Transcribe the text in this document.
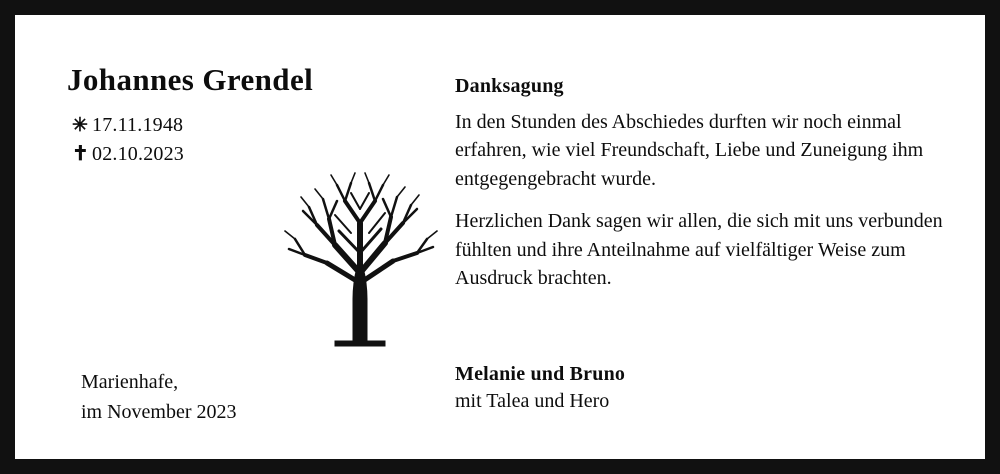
Johannes Grendel
✳ 17.11.1948
✝ 02.10.2023
Marienhafe,
im November 2023
Danksagung

In den Stunden des Abschiedes durften wir noch einmal erfahren, wie viel Freundschaft, Liebe und Zuneigung ihm entgegengebracht wurde.

Herzlichen Dank sagen wir allen, die sich mit uns verbunden fühlten und ihre Anteilnahme auf vielfältiger Weise zum Ausdruck brachten.

Melanie und Bruno
mit Talea und Hero
